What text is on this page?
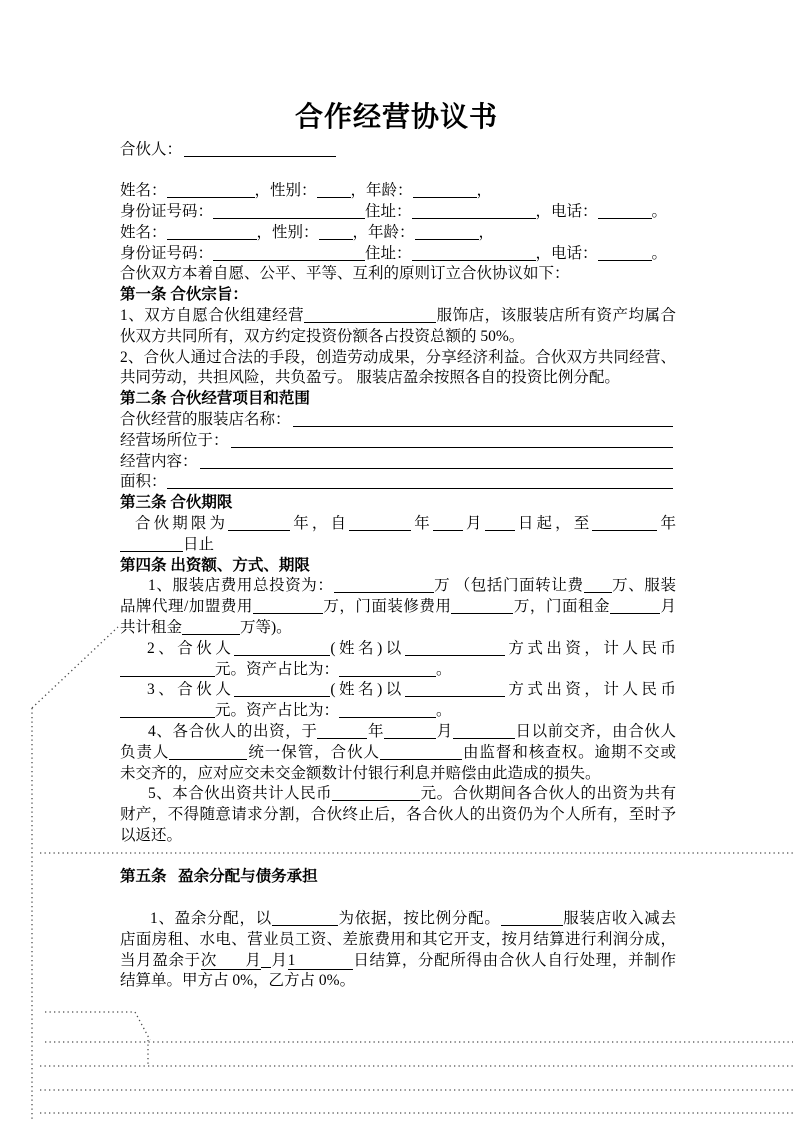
合作经营协议书
合伙人：
姓名：	，性别： ，年龄：	，
身份证号码：	住址：	，电话：	。
姓名：	，性别： ，年龄：	，
身份证号码：	住址：	，电话：	。
合伙双方本着自愿、公平、平等、互利的原则订立合伙协议如下：
第一条 合伙宗旨：
1、双方自愿合伙组建经营	服饰店，该服装店所有资产均属合
伙双方共同所有，双方约定投资份额各占投资总额的 50%。
2、合伙人通过合法的手段，创造劳动成果，分享经济利益。合伙双方共同经营、
共同劳动，共担风险，共负盈亏。 服装店盈余按照各自的投资比例分配。
第二条 合伙经营项目和范围
合伙经营的服装店名称：
经营场所位于：
经营内容：
面积：
第三条 合伙期限
合伙期限为	年，自	年 月 日起，至	年
日止
第四条 出资额、方式、期限
1、服装店费用总投资为：	万 （包括门面转让费 万、服装
品牌代理/加盟费用	万，门面装修费用	万，门面租金	月
共计租金	万等)。
2、合伙人	(姓名)以	方式出资，计人民币
元。资产占比为：	。
3、合伙人	(姓名)以	方式出资，计人民币
元。资产占比为：	。
4、各合伙人的出资，于	年	月	日以前交齐，由合伙人
负责人	统一保管，合伙人	由监督和核查权。逾期不交或
未交齐的，应对应交未交金额数计付银行利息并赔偿由此造成的损失。
5、本合伙出资共计人民币	元。合伙期间各合伙人的出资为共有
财产，不得随意请求分割，合伙终止后，各合伙人的出资仍为个人所有，至时予
以返还。
第五条   盈余分配与债务承担
1、盈余分配，以	为依据，按比例分配。	服装店收入减去
店面房租、水电、营业员工资、差旅费用和其它开支，按月结算进行利润分成，
当月盈余于次月 月1	日结算，分配所得由合伙人自行处理，并制作
结算单。甲方占 0%，乙方占 0%。
